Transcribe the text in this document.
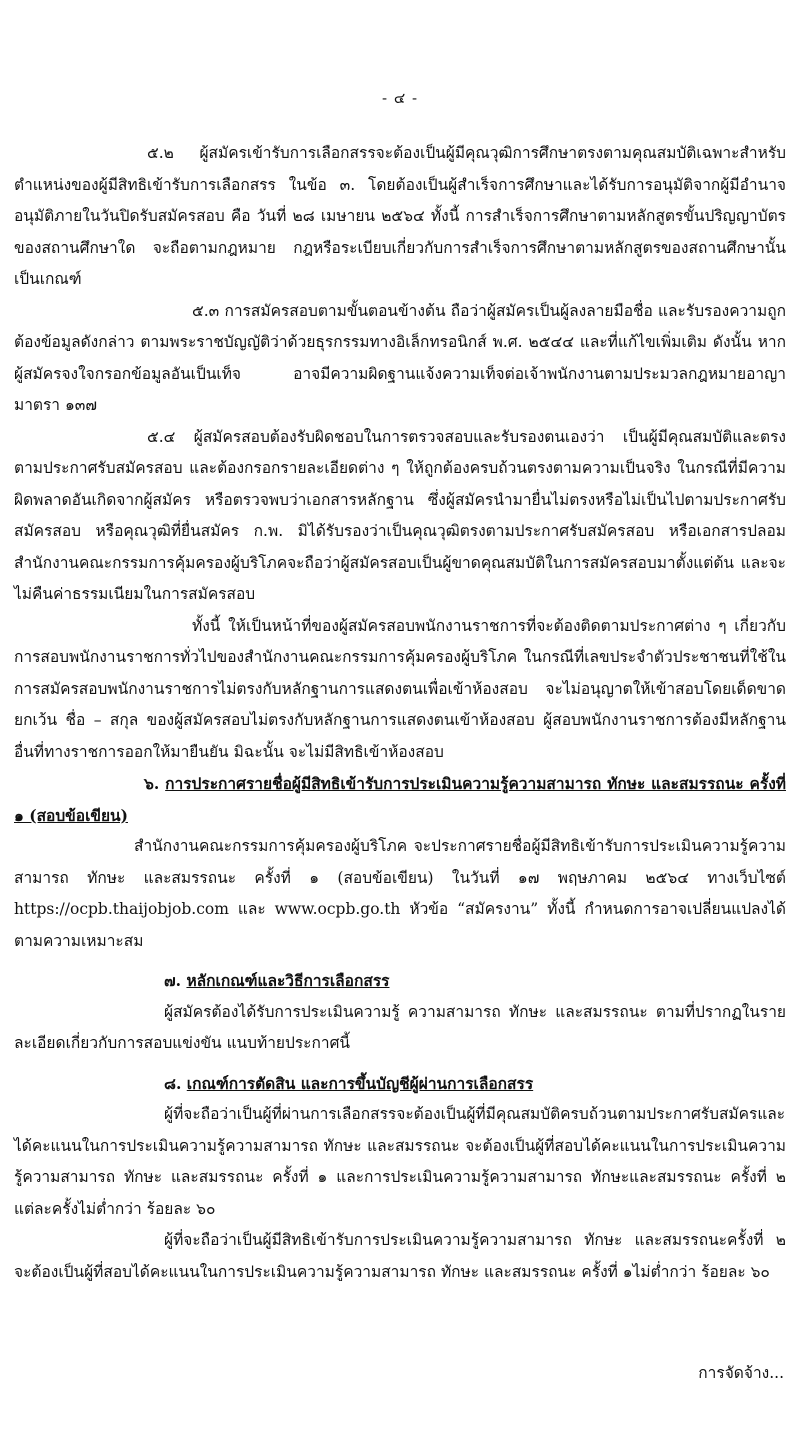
- ๔ -

๕.๒ ผู้สมัครเข้ารับการเลือกสรรจะต้องเป็นผู้มีคุณวุฒิการศึกษาตรงตามคุณสมบัติเฉพาะสำหรับตำแหน่งของผู้มีสิทธิเข้ารับการเลือกสรร ในข้อ ๓. โดยต้องเป็นผู้สำเร็จการศึกษาและได้รับการอนุมัติจากผู้มีอำนาจอนุมัติภายในวันปิดรับสมัครสอบ คือ วันที่ ๒๘ เมษายน ๒๕๖๔ ทั้งนี้ การสำเร็จการศึกษาตามหลักสูตรขั้นปริญญาบัตร ของสถานศึกษาใด จะถือตามกฎหมาย กฎหรือระเบียบเกี่ยวกับการสำเร็จการศึกษาตามหลักสูตรของสถานศึกษานั้นเป็นเกณฑ์

๕.๓ การสมัครสอบตามขั้นตอนข้างต้น ถือว่าผู้สมัครเป็นผู้ลงลายมือชื่อ และรับรองความถูกต้องข้อมูลดังกล่าว ตามพระราชบัญญัติว่าด้วยธุรกรรมทางอิเล็กทรอนิกส์ พ.ศ. ๒๕๔๔ และที่แก้ไขเพิ่มเติม ดังนั้น หากผู้สมัครจงใจกรอกข้อมูลอันเป็นเท็จ อาจมีความผิดฐานแจ้งความเท็จต่อเจ้าพนักงานตามประมวลกฎหมายอาญา มาตรา ๑๓๗

๕.๔ ผู้สมัครสอบต้องรับผิดชอบในการตรวจสอบและรับรองตนเองว่า เป็นผู้มีคุณสมบัติและตรงตามประกาศรับสมัครสอบ และต้องกรอกรายละเอียดต่าง ๆ ให้ถูกต้องครบถ้วนตรงตามความเป็นจริง ในกรณีที่มีความผิดพลาดอันเกิดจากผู้สมัคร หรือตรวจพบว่าเอกสารหลักฐาน ซึ่งผู้สมัครนำมายื่นไม่ตรงหรือไม่เป็นไปตามประกาศรับสมัครสอบ หรือคุณวุฒิที่ยื่นสมัคร ก.พ. มิได้รับรองว่าเป็นคุณวุฒิตรงตามประกาศรับสมัครสอบ หรือเอกสารปลอม สำนักงานคณะกรรมการคุ้มครองผู้บริโภคจะถือว่าผู้สมัครสอบเป็นผู้ขาดคุณสมบัติในการสมัครสอบมาตั้งแต่ต้น และจะไม่คืนค่าธรรมเนียมในการสมัครสอบ

ทั้งนี้ ให้เป็นหน้าที่ของผู้สมัครสอบพนักงานราชการที่จะต้องติดตามประกาศต่าง ๆ เกี่ยวกับการสอบพนักงานราชการทั่วไปของสำนักงานคณะกรรมการคุ้มครองผู้บริโภค ในกรณีที่เลขประจำตัวประชาชนที่ใช้ในการสมัครสอบพนักงานราชการไม่ตรงกับหลักฐานการแสดงตนเพื่อเข้าห้องสอบ จะไม่อนุญาตให้เข้าสอบโดยเด็ดขาด ยกเว้น ชื่อ – สกุล ของผู้สมัครสอบไม่ตรงกับหลักฐานการแสดงตนเข้าห้องสอบ ผู้สอบพนักงานราชการต้องมีหลักฐานอื่นที่ทางราชการออกให้มายืนยัน มิฉะนั้น จะไม่มีสิทธิเข้าห้องสอบ

๖. การประกาศรายชื่อผู้มีสิทธิเข้ารับการประเมินความรู้ความสามารถ ทักษะ และสมรรถนะ ครั้งที่ ๑ (สอบข้อเขียน)

สำนักงานคณะกรรมการคุ้มครองผู้บริโภค จะประกาศรายชื่อผู้มีสิทธิเข้ารับการประเมินความรู้ความสามารถ ทักษะ และสมรรถนะ ครั้งที่ ๑ (สอบข้อเขียน) ในวันที่ ๑๗ พฤษภาคม ๒๕๖๔ ทางเว็บไซต์ https://ocpb.thaijobjob.com และ www.ocpb.go.th หัวข้อ “สมัครงาน” ทั้งนี้ กำหนดการอาจเปลี่ยนแปลงได้ตามความเหมาะสม

๗. หลักเกณฑ์และวิธีการเลือกสรร

ผู้สมัครต้องได้รับการประเมินความรู้ ความสามารถ ทักษะ และสมรรถนะ ตามที่ปรากฏในรายละเอียดเกี่ยวกับการสอบแข่งขัน แนบท้ายประกาศนี้

๘. เกณฑ์การตัดสิน และการขึ้นบัญชีผู้ผ่านการเลือกสรร

ผู้ที่จะถือว่าเป็นผู้ที่ผ่านการเลือกสรรจะต้องเป็นผู้ที่มีคุณสมบัติครบถ้วนตามประกาศรับสมัครและได้คะแนนในการประเมินความรู้ความสามารถ ทักษะ และสมรรถนะ จะต้องเป็นผู้ที่สอบได้คะแนนในการประเมินความรู้ความสามารถ ทักษะ และสมรรถนะ ครั้งที่ ๑ และการประเมินความรู้ความสามารถ ทักษะและสมรรถนะ ครั้งที่ ๒ แต่ละครั้งไม่ต่ำกว่า ร้อยละ ๖๐

ผู้ที่จะถือว่าเป็นผู้มีสิทธิเข้ารับการประเมินความรู้ความสามารถ ทักษะ และสมรรถนะครั้งที่ ๒ จะต้องเป็นผู้ที่สอบได้คะแนนในการประเมินความรู้ความสามารถ ทักษะ และสมรรถนะ ครั้งที่ ๑ไม่ต่ำกว่า ร้อยละ ๖๐

การจัดจ้าง...
